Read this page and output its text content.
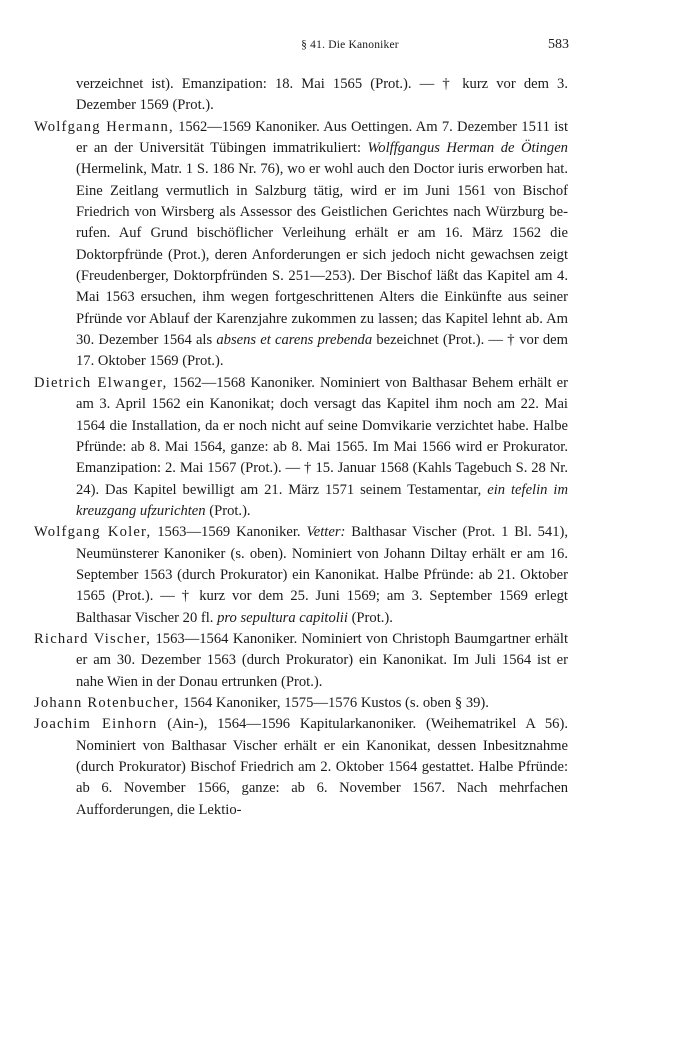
§ 41. Die Kanoniker	583

verzeichnet ist). Emanzipation: 18. Mai 1565 (Prot.). — † kurz vor dem 3. Dezember 1569 (Prot.).

Wolfgang Hermann, 1562—1569 Kanoniker. Aus Oettingen. Am 7. Dezember 1511 ist er an der Universität Tübingen immatrikuliert: Wolffgangus Herman de Ötingen (Hermelink, Matr. 1 S. 186 Nr. 76), wo er wohl auch den Doctor iuris erworben hat. Eine Zeitlang vermutlich in Salzburg tätig, wird er im Juni 1561 von Bischof Friedrich von Wirsberg als Assessor des Geistlichen Gerichtes nach Würzburg berufen. Auf Grund bischöflicher Verleihung erhält er am 16. März 1562 die Doktorpfründe (Prot.), deren Anforderungen er sich jedoch nicht gewachsen zeigt (Freudenberger, Doktorpfründen S. 251—253). Der Bischof läßt das Kapitel am 4. Mai 1563 ersuchen, ihm wegen fortgeschrittenen Alters die Einkünfte aus seiner Pfründe vor Ablauf der Karenzjahre zukommen zu lassen; das Kapitel lehnt ab. Am 30. Dezember 1564 als absens et carens prebenda bezeichnet (Prot.). — † vor dem 17. Oktober 1569 (Prot.).

Dietrich Elwanger, 1562—1568 Kanoniker. Nominiert von Balthasar Behem erhält er am 3. April 1562 ein Kanonikat; doch versagt das Kapitel ihm noch am 22. Mai 1564 die Installation, da er noch nicht auf seine Domvikarie verzichtet habe. Halbe Pfründe: ab 8. Mai 1564, ganze: ab 8. Mai 1565. Im Mai 1566 wird er Prokurator. Emanzipation: 2. Mai 1567 (Prot.). — † 15. Januar 1568 (Kahls Tagebuch S. 28 Nr. 24). Das Kapitel bewilligt am 21. März 1571 seinem Testamentar, ein tefelin im kreuzgang ufzurichten (Prot.).

Wolfgang Koler, 1563—1569 Kanoniker. Vetter: Balthasar Vischer (Prot. 1 Bl. 541), Neumünsterer Kanoniker (s. oben). Nominiert von Johann Diltay erhält er am 16. September 1563 (durch Prokurator) ein Kanonikat. Halbe Pfründe: ab 21. Oktober 1565 (Prot.). — † kurz vor dem 25. Juni 1569; am 3. September 1569 erlegt Balthasar Vischer 20 fl. pro sepultura capitolii (Prot.).

Richard Vischer, 1563—1564 Kanoniker. Nominiert von Christoph Baumgartner erhält er am 30. Dezember 1563 (durch Prokurator) ein Kanonikat. Im Juli 1564 ist er nahe Wien in der Donau ertrunken (Prot.).

Johann Rotenbucher, 1564 Kanoniker, 1575—1576 Kustos (s. oben § 39).

Joachim Einhorn (Ain-), 1564—1596 Kapitularkanoniker. (Weihematrikel A 56). Nominiert von Balthasar Vischer erhält er ein Kanonikat, dessen Inbesitznahme (durch Prokurator) Bischof Friedrich am 2. Oktober 1564 gestattet. Halbe Pfründe: ab 6. November 1566, ganze: ab 6. November 1567. Nach mehrfachen Aufforderungen, die Lektio-
